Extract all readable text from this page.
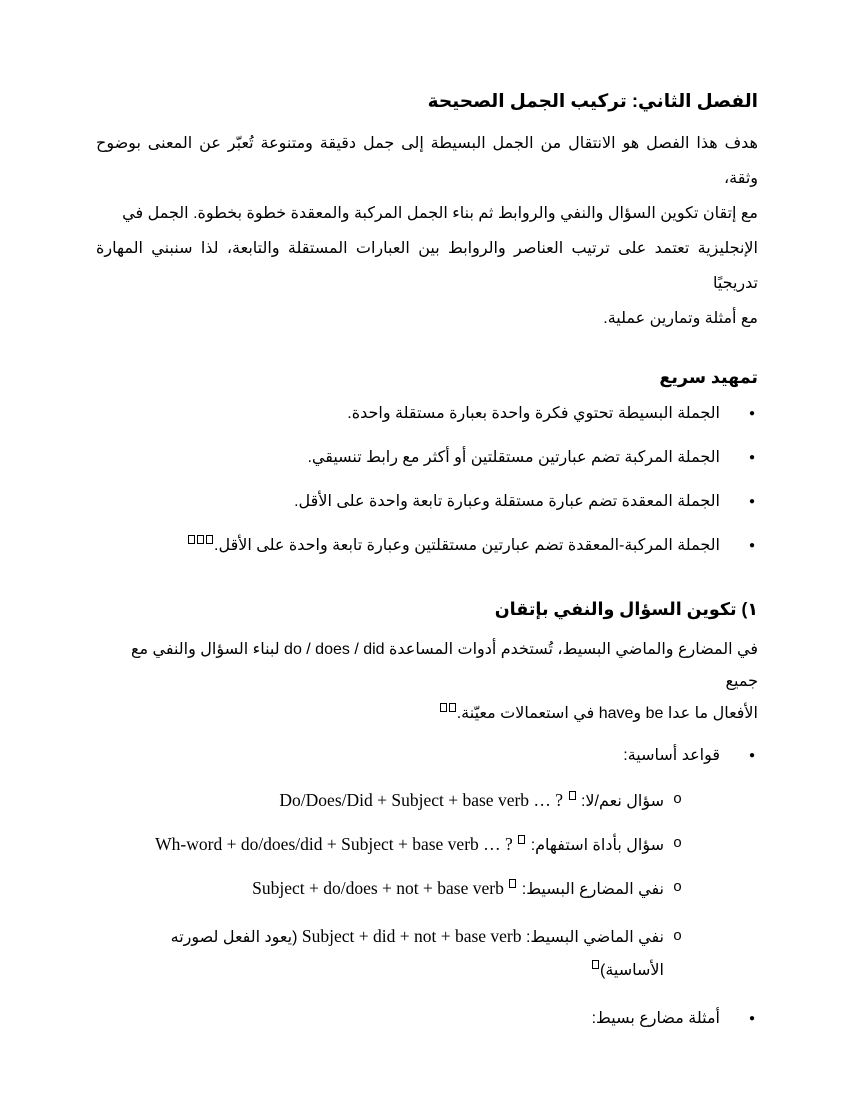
الفصل الثاني: تركيب الجمل الصحيحة
هدف هذا الفصل هو الانتقال من الجمل البسيطة إلى جمل دقيقة ومتنوعة تُعبّر عن المعنى بوضوح وثقة،
مع إتقان تكوين السؤال والنفي والروابط ثم بناء الجمل المركبة والمعقدة خطوة بخطوة. الجمل في
الإنجليزية تعتمد على ترتيب العناصر والروابط بين العبارات المستقلة والتابعة، لذا سنبني المهارة تدريجيًا
مع أمثلة وتمارين عملية.
تمهيد سريع
● الجملة البسيطة تحتوي فكرة واحدة بعبارة مستقلة واحدة.
● الجملة المركبة تضم عبارتين مستقلتين أو أكثر مع رابط تنسيقي.
● الجملة المعقدة تضم عبارة مستقلة وعبارة تابعة واحدة على الأقل.
● الجملة المركبة-المعقدة تضم عبارتين مستقلتين وعبارة تابعة واحدة على الأقل.
١) تكوين السؤال والنفي بإتقان
في المضارع والماضي البسيط، تُستخدم أدوات المساعدة do / does / did لبناء السؤال والنفي مع جميع
الأفعال ما عدا be وhave في استعمالات معيّنة.
● قواعد أساسية:
o سؤال نعم/لا:  Do/Does/Did + Subject + base verb … ?
o سؤال بأداة استفهام:  Wh-word + do/does/did + Subject + base verb … ?
o نفي المضارع البسيط:  Subject + do/does + not + base verb
o نفي الماضي البسيط: Subject + did + not + base verb (يعود الفعل لصورته
الأساسية)
● أمثلة مضارع بسيط:
